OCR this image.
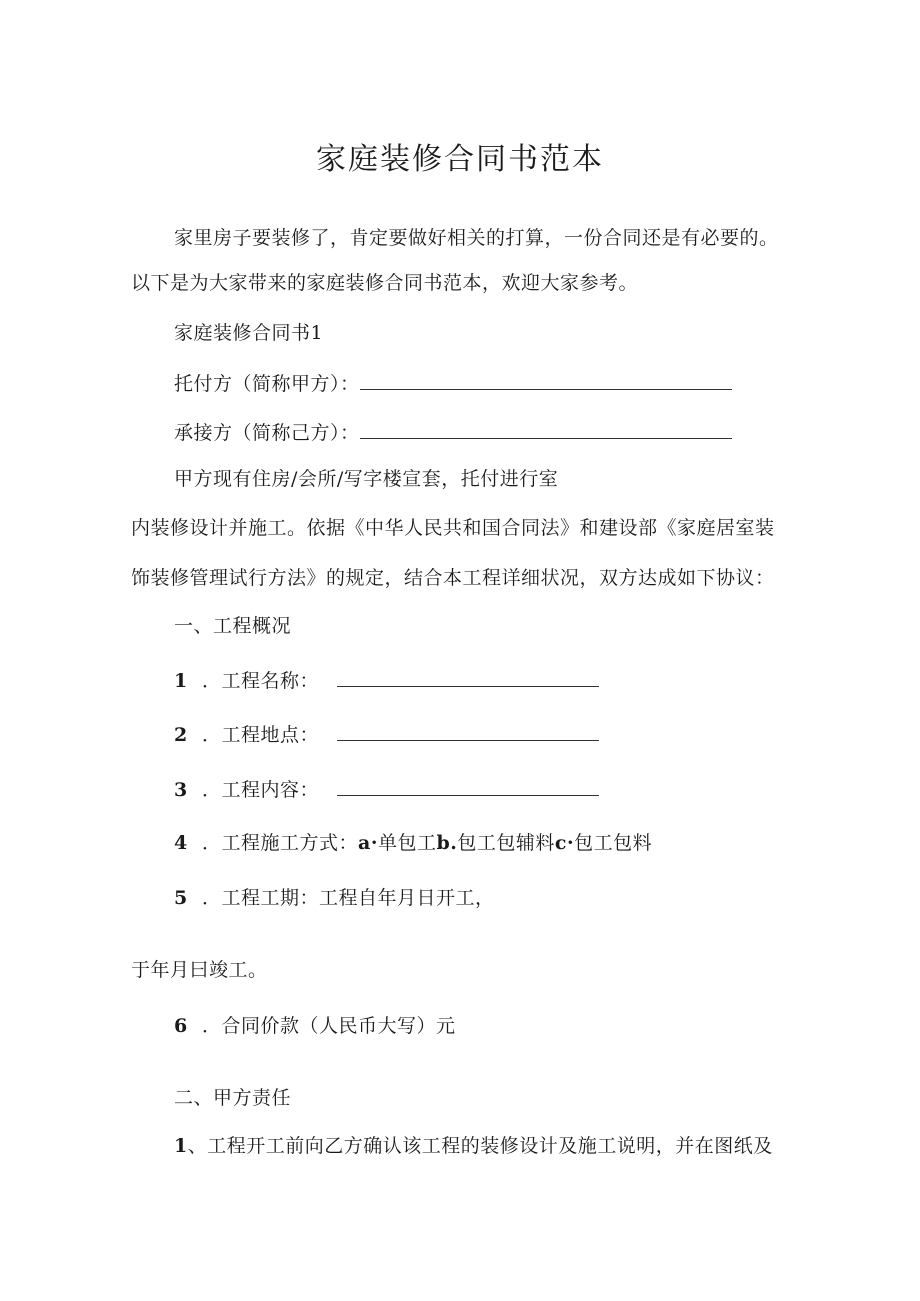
家庭装修合同书范本
家里房子要装修了，肯定要做好相关的打算，一份合同还是有必要的。
以下是为大家带来的家庭装修合同书范本，欢迎大家参考。
家庭装修合同书1
托付方（简称甲方）：
承接方（简称己方）：
甲方现有住房/会所/写字楼宣套，托付进行室
内装修设计并施工。依据《中华人民共和国合同法》和建设部《家庭居室装
饰装修管理试行方法》的规定，结合本工程详细状况，双方达成如下协议：
一、工程概况
1 ．工程名称：
2 ．工程地点：
3 ．工程内容：
4 ．工程施工方式：a·单包工b.包工包辅料c·包工包料
5 ．工程工期：工程自年月日开工，
于年月曰竣工。
6 ．合同价款（人民币大写）元
二、甲方责任
1、工程开工前向乙方确认该工程的装修设计及施工说明，并在图纸及
